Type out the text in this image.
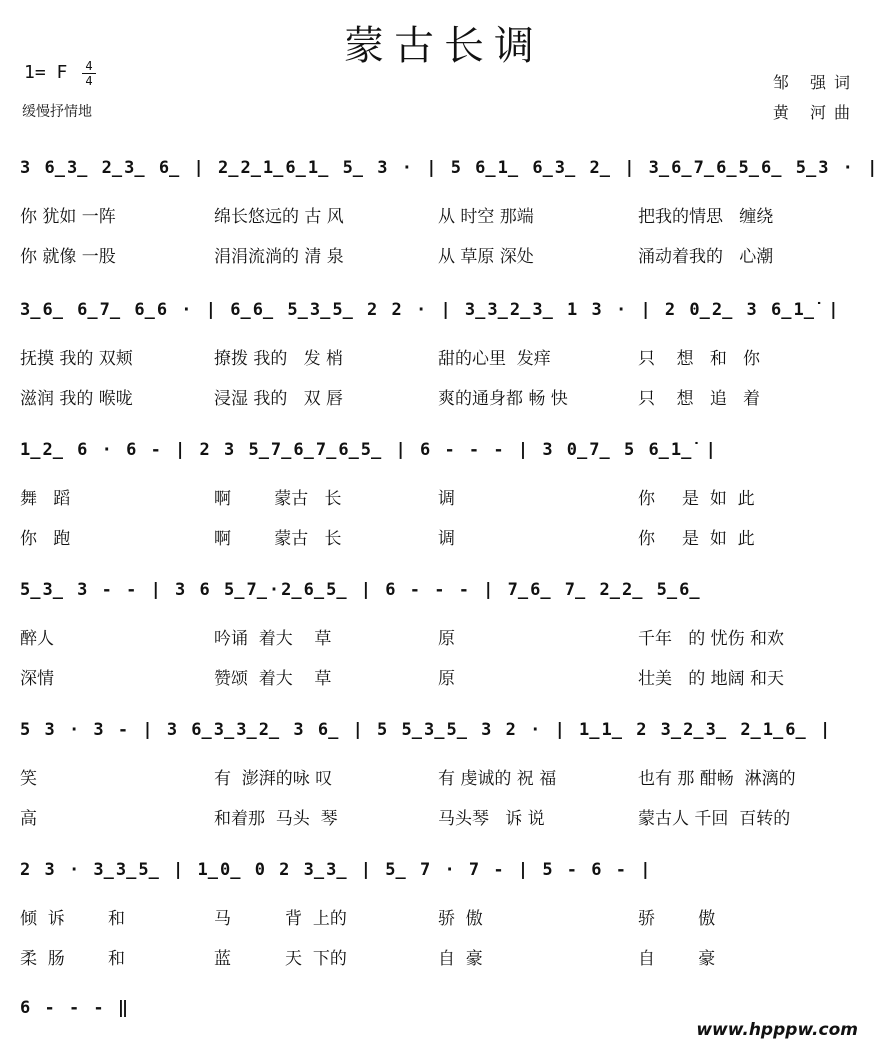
蒙古长调
1= F 4
4
缓慢抒情地
邹 强词
黄 河曲
3 6̲3̲ 2̲3̲ 6̲ | 2̲2̲1̲6̲1̲ 5̲ 3 · | 5 6̲1̲ 6̲3̲ 2̲ | 3̲6̲7̲6̲5̲6̲ 5̲3 · |
你 犹如 一阵	绵长悠远的 古 风	从 时空 那端	把我的情思   缠绕
你 就像 一股	涓涓流淌的 清 泉	从 草原 深处	涌动着我的   心潮
3̲6̲ 6̲7̲ 6̲6 · | 6̲6̲ 5̲3̲5̲ 2 2 · | 3̲3̲2̲3̲ 1 3 · | 2 0̲2̲ 3 6̲1̲̇ |
抚摸 我的 双颊	撩拨 我的   发 梢	甜的心里  发痒	只    想   和   你
滋润 我的 喉咙	浸湿 我的   双 唇	爽的通身都 畅 快	只    想   追   着
1̲2̲ 6 · 6 - | 2 3 5̲7̲6̲7̲6̲5̲ | 6 - - - | 3 0̲7̲ 5 6̲1̲̇ |
舞   蹈	啊        蒙古   长	调	你     是  如  此
你   跑	啊        蒙古   长	调	你     是  如  此
5̲3̲ 3 - - | 3 6 5̲7̲·2̲6̲5̲ | 6 - - - | 7̲6̲ 7̲ 2̲2̲ 5̲6̲
醉人	吟诵  着大    草	原	千年   的 忧伤 和欢
深情	赞颂  着大    草	原	壮美   的 地阔 和天
5 3 · 3 - | 3 6̲3̲3̲2̲ 3 6̲ | 5 5̲3̲5̲ 3 2 · | 1̲1̲ 2 3̲2̲3̲ 2̲1̲6̲ |
笑	有  澎湃的咏 叹	有 虔诚的 祝 福	也有 那 酣畅  淋漓的
高	和着那  马头  琴	马头琴   诉 说	蒙古人 千回  百转的
2 3 · 3̲3̲5̲ | 1̲0̲ 0 2 3̲3̲ | 5̲ 7 · 7 - | 5 - 6 - |
倾  诉        和	马          背  上的	骄  傲	骄        傲
柔  肠        和	蓝          天  下的	自  豪	自        豪
6 - - - ‖
www.hpppw.com
